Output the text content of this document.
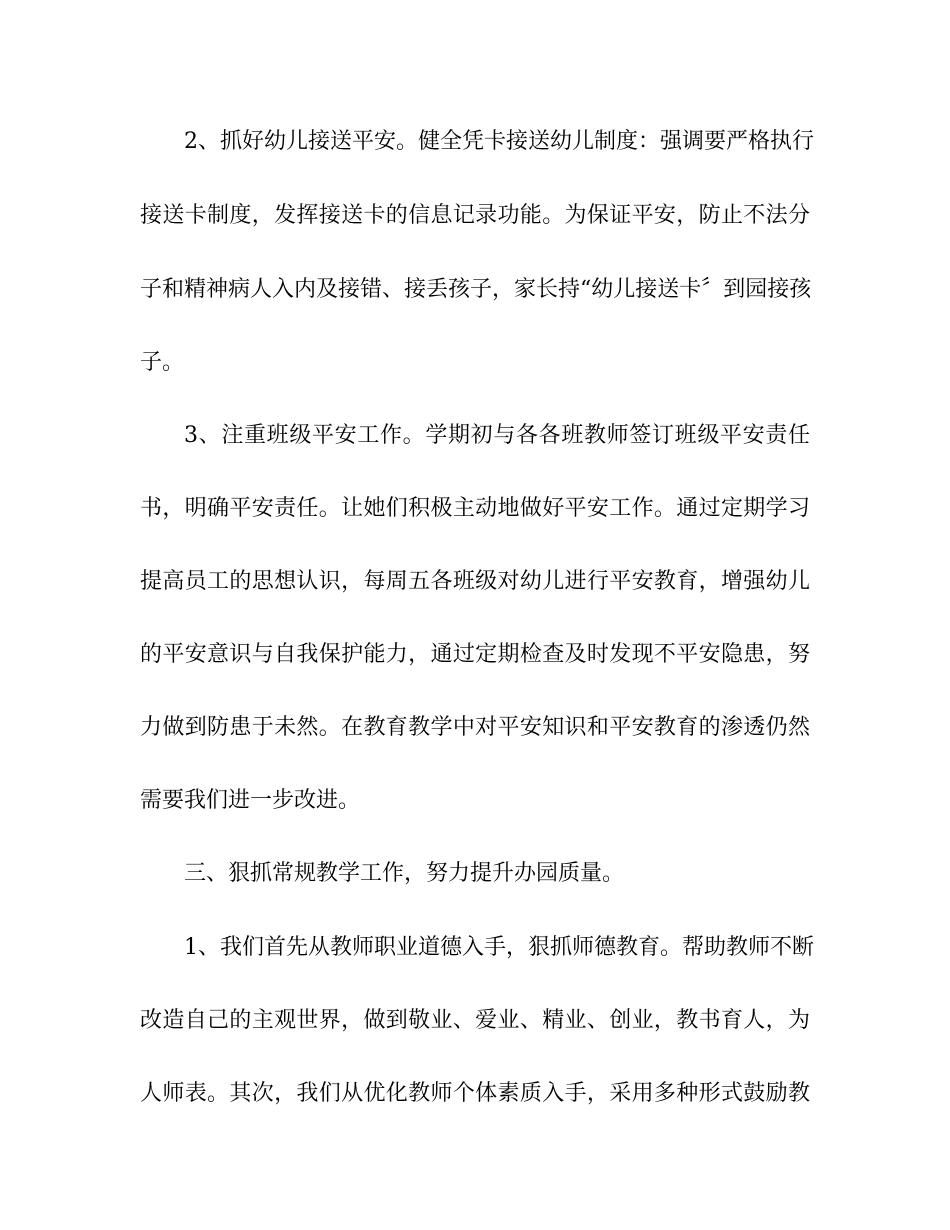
2、抓好幼儿接送平安。健全凭卡接送幼儿制度：强调要严格执行
接送卡制度，发挥接送卡的信息记录功能。为保证平安，防止不法分
子和精神病人入内及接错、接丢孩子，家长持“幼儿接送卡〞到园接孩
子。
3、注重班级平安工作。学期初与各各班教师签订班级平安责任
书，明确平安责任。让她们积极主动地做好平安工作。通过定期学习
提高员工的思想认识，每周五各班级对幼儿进行平安教育，增强幼儿
的平安意识与自我保护能力，通过定期检查及时发现不平安隐患，努
力做到防患于未然。在教育教学中对平安知识和平安教育的渗透仍然
需要我们进一步改进。
三、狠抓常规教学工作，努力提升办园质量。
1、我们首先从教师职业道德入手，狠抓师德教育。帮助教师不断
改造自己的主观世界，做到敬业、爱业、精业、创业，教书育人，为
人师表。其次，我们从优化教师个体素质入手，采用多种形式鼓励教
